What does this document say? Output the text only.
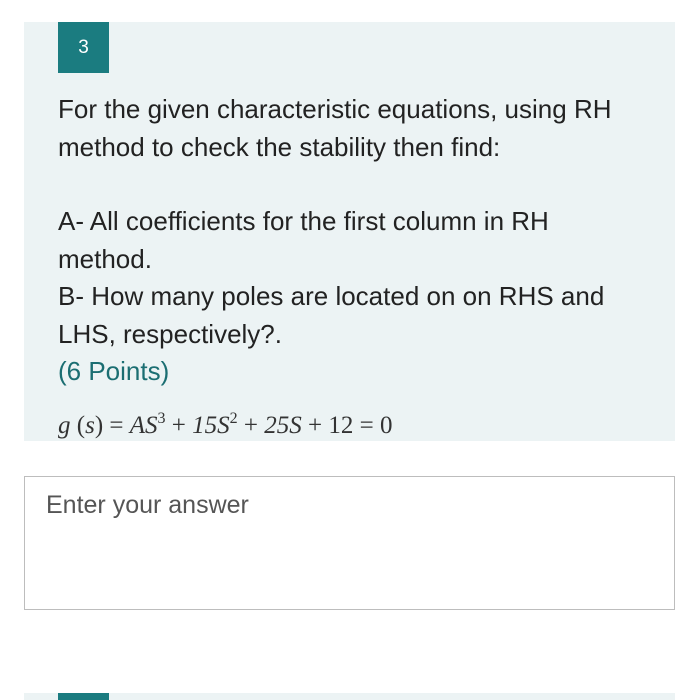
3

For the given characteristic equations, using RH method to check the stability then find:

A- All coefficients for the first column in RH method.

B- How many poles are located on on RHS and LHS, respectively?.

(6 Points)

g $(s) = AS^3 + 15S^2 + 25S + 12 = 0$
Enter your answer
